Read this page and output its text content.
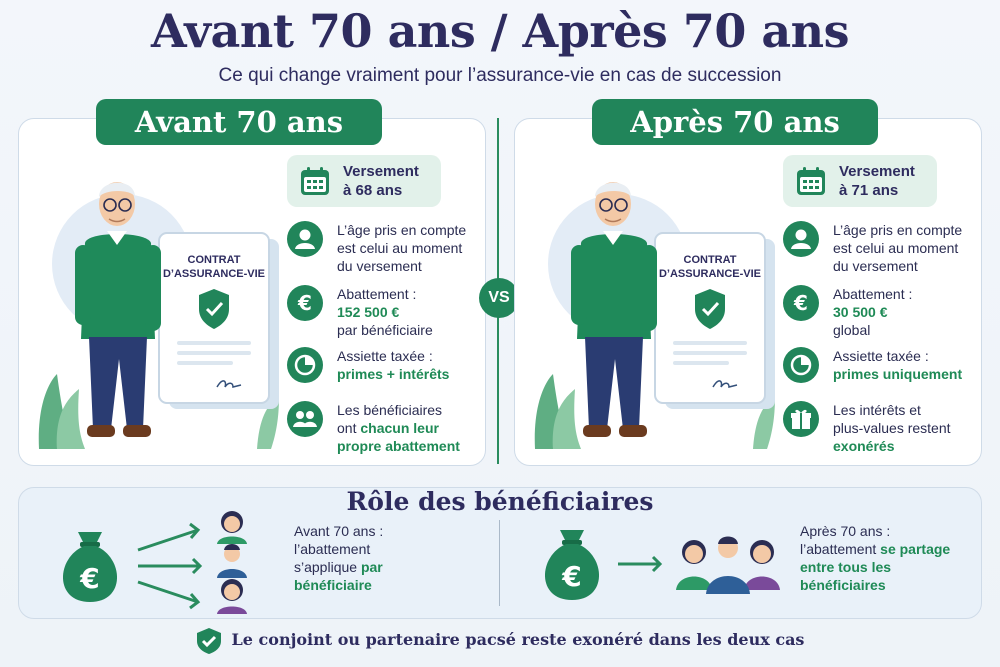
Avant 70 ans / Après 70 ans
Ce qui change vraiment pour l’assurance-vie en cas de succession
Avant 70 ans
CONTRAT
D’ASSURANCE-VIE
Versement
à 68 ans
L’âge pris en compte
est celui au moment
du versement
€ Abattement :
152 500 €
par bénéficiaire
Assiette taxée :
primes + intérêts
Les bénéficiaires
ont chacun leur
propre abattement
VS
Après 70 ans
CONTRAT
D’ASSURANCE-VIE
Versement
à 71 ans
L’âge pris en compte
est celui au moment
du versement
€ Abattement :
30 500 €
global
Assiette taxée :
primes uniquement
Les intérêts et
plus-values restent
exonérés
Rôle des bénéficiaires
€
Avant 70 ans :
l’abattement
s’applique par
bénéficiaire	€
Après 70 ans :
l’abattement se partage
entre tous les
bénéficiaires
Le conjoint ou partenaire pacsé reste exonéré dans les deux cas
